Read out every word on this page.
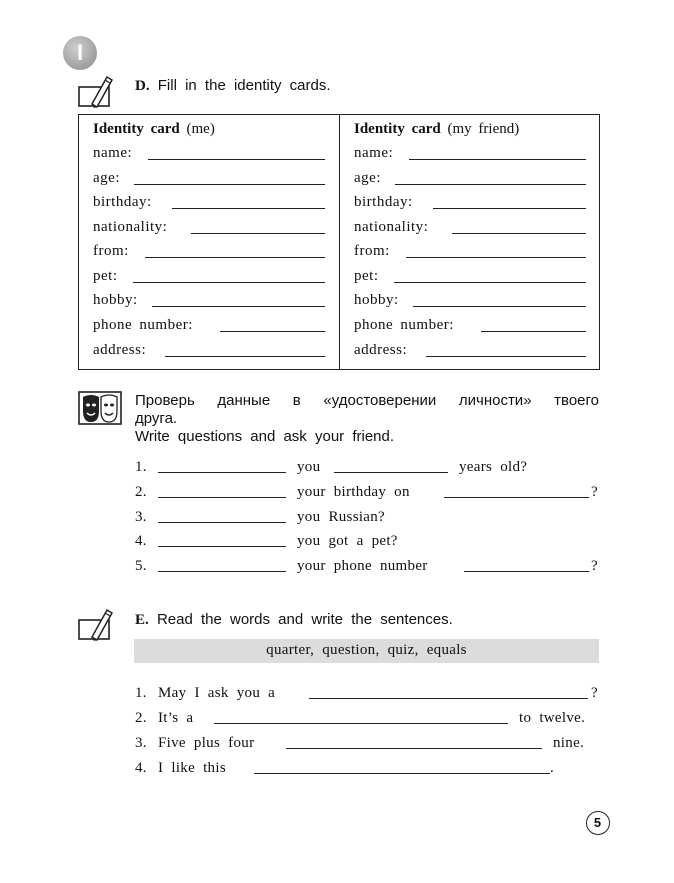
I
D. Fill in the identity cards.
Identity card (me)
name:
age:
birthday:
nationality:
from:
pet:
hobby:
phone number:
address:
Identity card (my friend)
name:
age:
birthday:
nationality:
from:
pet:
hobby:
phone number:
address:
Проверь данные в «удостоверении личности» твоего
друга.
Write questions and ask your friend.
1.	you	years old?
2.	your birthday on	?
3.	you Russian?
4.	you got a pet?
5.	your phone number	?
E. Read the words and write the sentences.
quarter, question, quiz, equals
1. May I ask you a	?
2. It’s a	to twelve.
3. Five plus four	nine.
4. I like this	.
5
